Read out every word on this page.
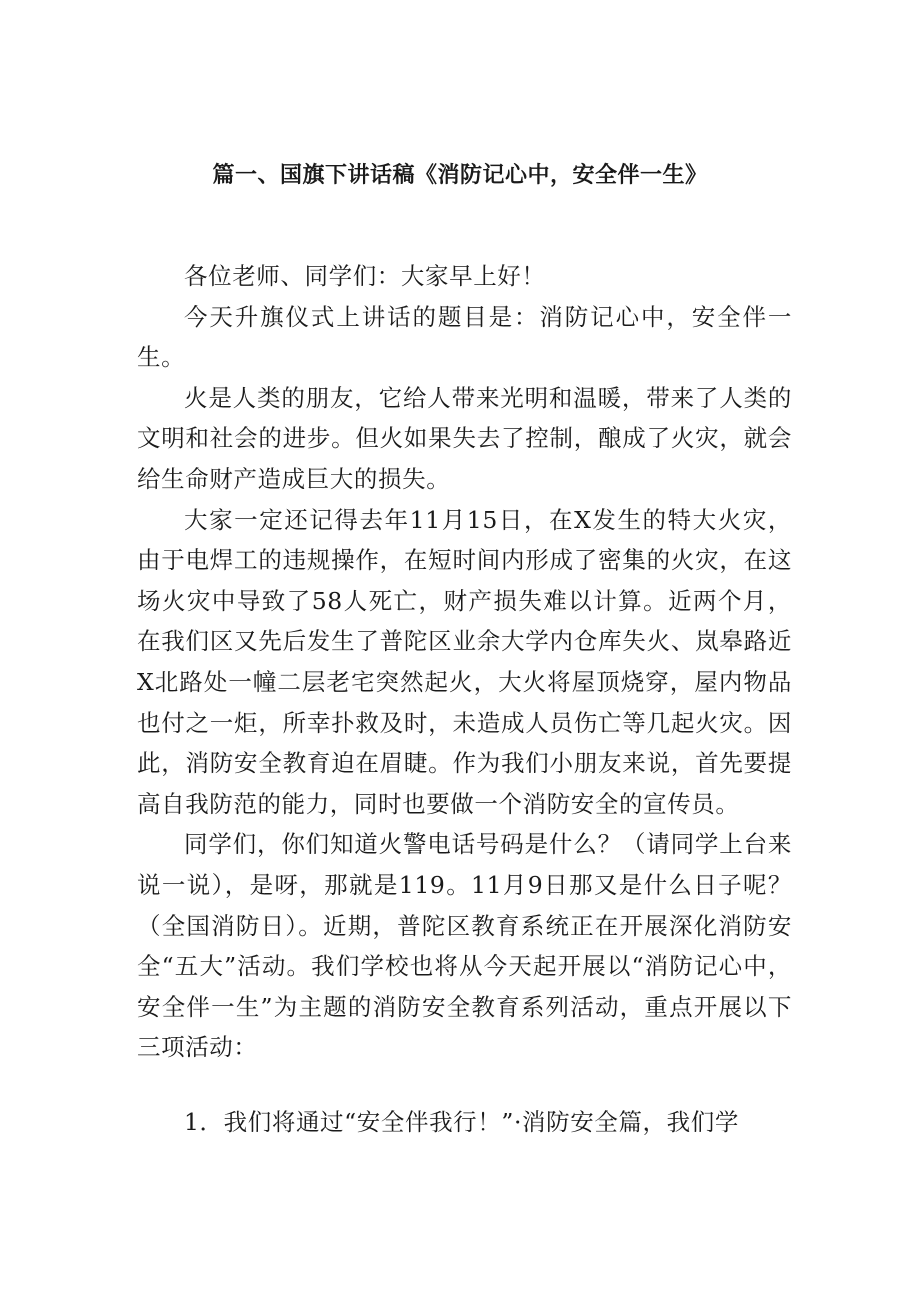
篇一、国旗下讲话稿《消防记心中，安全伴一生》

各位老师、同学们：大家早上好！

今天升旗仪式上讲话的题目是：消防记心中，安全伴一生。

火是人类的朋友，它给人带来光明和温暖，带来了人类的文明和社会的进步。但火如果失去了控制，酿成了火灾，就会给生命财产造成巨大的损失。

大家一定还记得去年11月15日，在X发生的特大火灾，由于电焊工的违规操作，在短时间内形成了密集的火灾，在这场火灾中导致了58人死亡，财产损失难以计算。近两个月，在我们区又先后发生了普陀区业余大学内仓库失火、岚皋路近X北路处一幢二层老宅突然起火，大火将屋顶烧穿，屋内物品也付之一炬，所幸扑救及时，未造成人员伤亡等几起火灾。因此，消防安全教育迫在眉睫。作为我们小朋友来说，首先要提高自我防范的能力，同时也要做一个消防安全的宣传员。

同学们，你们知道火警电话号码是什么？（请同学上台来说一说），是呀，那就是119。11月9日那又是什么日子呢？（全国消防日）。近期，普陀区教育系统正在开展深化消防安全“五大”活动。我们学校也将从今天起开展以“消防记心中，安全伴一生”为主题的消防安全教育系列活动，重点开展以下三项活动：

1．我们将通过“安全伴我行！”·消防安全篇，我们学
